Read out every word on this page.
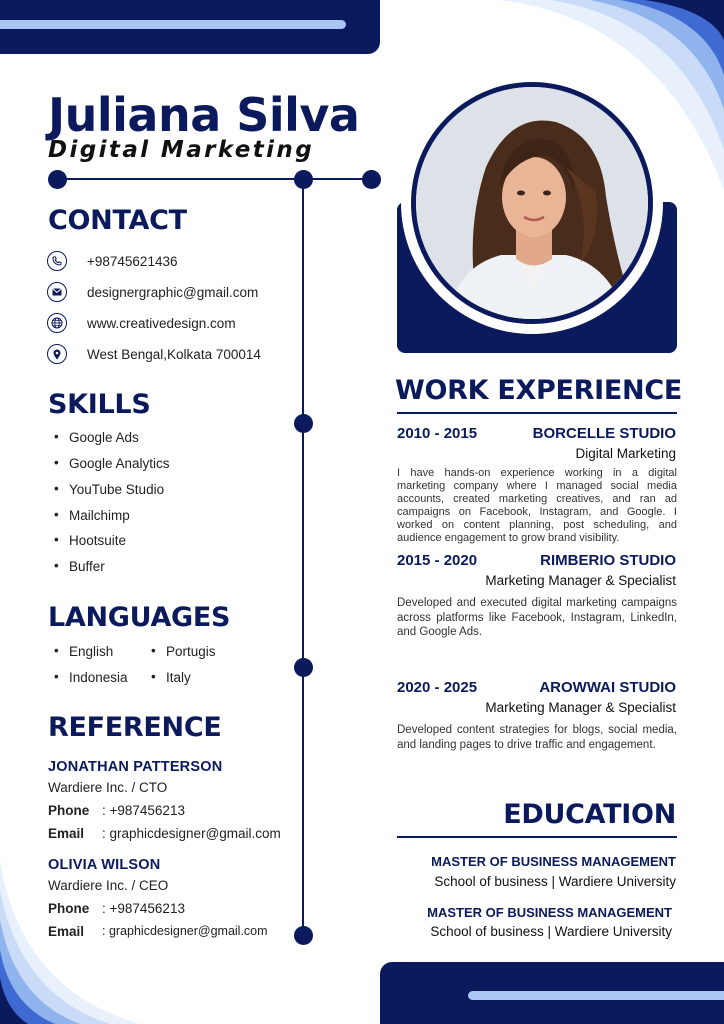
Juliana Silva
Digital Marketing
CONTACT
+98745621436
designergraphic@gmail.com
www.creativedesign.com
West Bengal,Kolkata 700014
SKILLS
• Google Ads
• Google Analytics
• YouTube Studio
• Mailchimp
• Hootsuite
• Buffer
LANGUAGES
• English	• Portugis
• Indonesia	• Italy
REFERENCE
JONATHAN PATTERSON
Wardiere Inc. / CTO
Phone : +987456213
Email : graphicdesigner@gmail.com
OLIVIA WILSON
Wardiere Inc. / CEO
Phone : +987456213
Email : graphicdesigner@gmail.com
WORK EXPERIENCE
2010 - 2015	BORCELLE STUDIO
Digital Marketing

I have hands-on experience working in a digital marketing company where I managed social media accounts, created marketing creatives, and ran ad campaigns on Facebook, Instagram, and Google. I worked on content planning, post scheduling, and audience engagement to grow brand visibility.

2015 - 2020	RIMBERIO STUDIO
Marketing Manager & Specialist

Developed and executed digital marketing campaigns across platforms like Facebook, Instagram, LinkedIn, and Google Ads.

2020 - 2025	AROWWAI STUDIO
Marketing Manager & Specialist

Developed content strategies for blogs, social media, and landing pages to drive traffic and engagement.

EDUCATION
MASTER OF BUSINESS MANAGEMENT
School of business | Wardiere University
MASTER OF BUSINESS MANAGEMENT
School of business | Wardiere University
